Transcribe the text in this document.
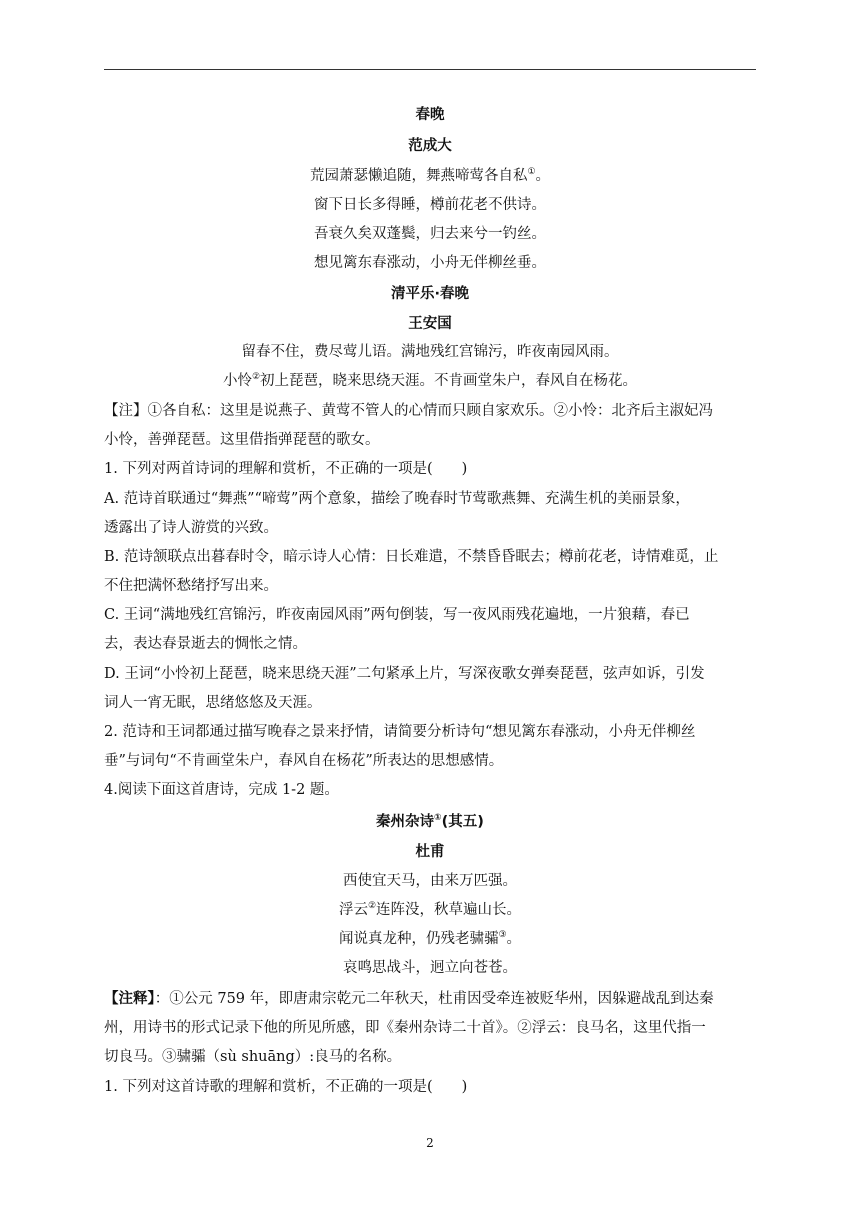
春晚
范成大
荒园萧瑟懒追随，舞燕啼莺各自私①。
窗下日长多得睡，樽前花老不供诗。
吾衰久矣双蓬鬓，归去来兮一钓丝。
想见篱东春涨动，小舟无伴柳丝垂。
清平乐·春晚
王安国
留春不住，费尽莺儿语。满地残红宫锦污，昨夜南园风雨。
小怜②初上琵琶，晓来思绕天涯。不肯画堂朱户，春风自在杨花。
【注】①各自私：这里是说燕子、黄莺不管人的心情而只顾自家欢乐。②小怜：北齐后主淑妃冯
小怜，善弹琵琶。这里借指弹琵琶的歌女。
1. 下列对两首诗词的理解和赏析，不正确的一项是(　　)
A. 范诗首联通过“舞燕”“啼莺”两个意象，描绘了晚春时节莺歌燕舞、充满生机的美丽景象，
透露出了诗人游赏的兴致。
B. 范诗颔联点出暮春时令，暗示诗人心情：日长难遣，不禁昏昏眠去；樽前花老，诗情难觅，止
不住把满怀愁绪抒写出来。
C. 王词“满地残红宫锦污，昨夜南园风雨”两句倒装，写一夜风雨残花遍地，一片狼藉，春已
去，表达春景逝去的惆怅之情。
D. 王词“小怜初上琵琶，晓来思绕天涯”二句紧承上片，写深夜歌女弹奏琵琶，弦声如诉，引发
词人一宵无眠，思绪悠悠及天涯。
2. 范诗和王词都通过描写晚春之景来抒情，请简要分析诗句“想见篱东春涨动，小舟无伴柳丝
垂”与词句“不肯画堂朱户，春风自在杨花”所表达的思想感情。
4.阅读下面这首唐诗，完成 1-2 题。
秦州杂诗①(其五)
杜甫
西使宜天马，由来万匹强。
浮云②连阵没，秋草遍山长。
闻说真龙种，仍残老骕骦③。
哀鸣思战斗，迥立向苍苍。
【注释】：①公元 759 年，即唐肃宗乾元二年秋天，杜甫因受牵连被贬华州，因躲避战乱到达秦
州，用诗书的形式记录下他的所见所感，即《秦州杂诗二十首》。②浮云：良马名，这里代指一
切良马。③骕骦（sù shuāng）:良马的名称。
1. 下列对这首诗歌的理解和赏析，不正确的一项是(　　)
2
